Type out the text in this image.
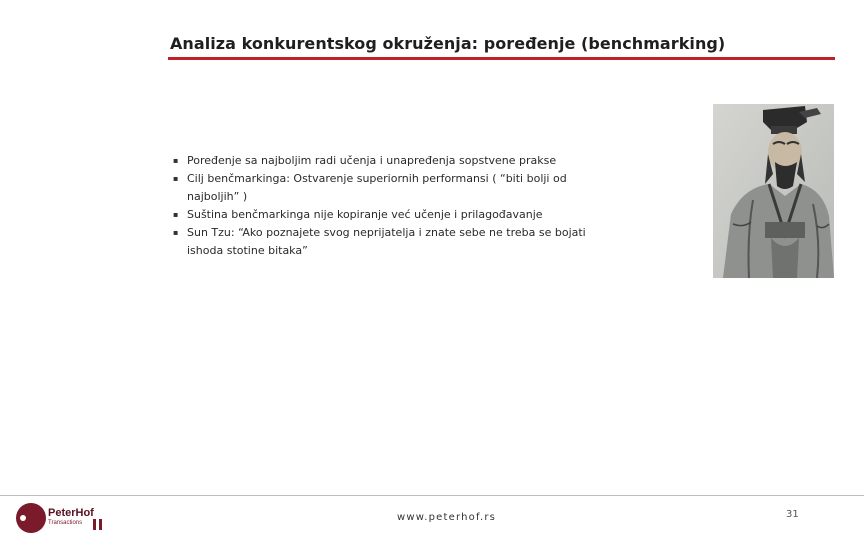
Analiza konkurentskog okruženja: poređenje (benchmarking)
▪ Poređenje sa najboljim radi učenja i unapređenja sopstvene prakse
▪ Cilj benčmarkinga: Ostvarenje superiornih performansi ( “biti bolji od najboljih” )
▪ Suština benčmarkinga nije kopiranje već učenje i prilagođavanje
▪ Sun Tzu: “Ako poznajete svog neprijatelja i znate sebe ne treba se bojati ishoda stotine bitaka”
PeterHof
Transactions	www.peterhof.rs	31
